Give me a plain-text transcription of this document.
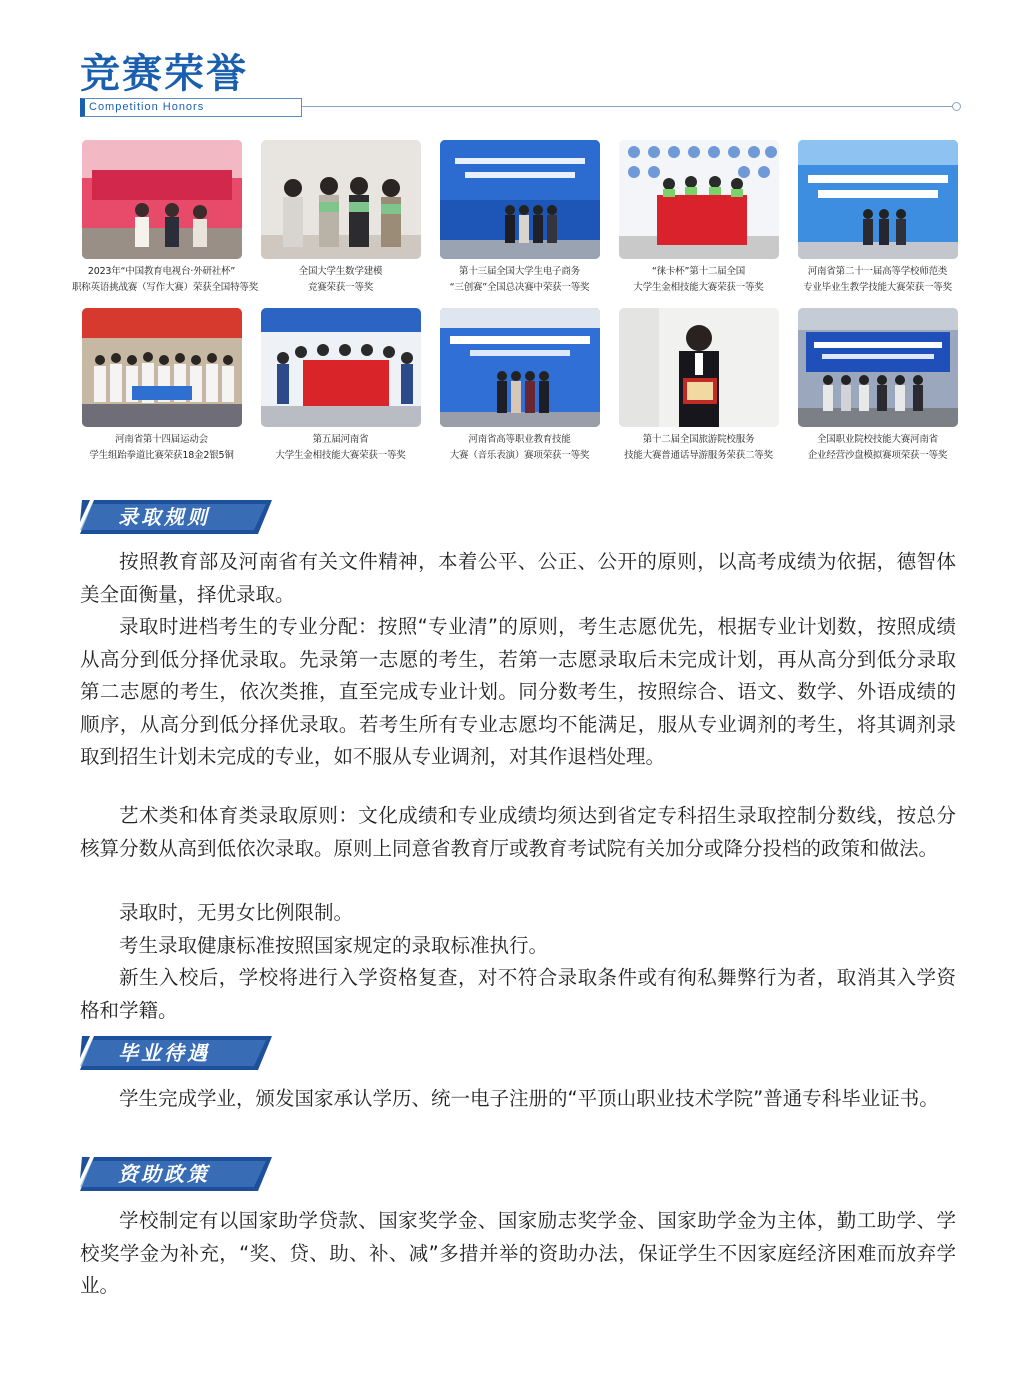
竞赛荣誉
Competition Honors
2023年“中国教育电视台·外研社杯”
职称英语挑战赛（写作大赛）荣获全国特等奖
全国大学生数学建模
竞赛荣获一等奖
第十三届全国大学生电子商务
“三创赛”全国总决赛中荣获一等奖
“徕卡杯”第十二届全国
大学生金相技能大赛荣获一等奖
河南省第二十一届高等学校师范类
专业毕业生教学技能大赛荣获一等奖
河南省第十四届运动会
学生组跆拳道比赛荣获18金2银5铜
第五届河南省
大学生金相技能大赛荣获一等奖
河南省高等职业教育技能
大赛（音乐表演）赛项荣获一等奖
第十二届全国旅游院校服务
技能大赛普通话导游服务荣获二等奖
全国职业院校技能大赛河南省
企业经营沙盘模拟赛项荣获一等奖
录取规则
按照教育部及河南省有关文件精神，本着公平、公正、公开的原则，以高考成绩为依据，德智体美全面衡量，择优录取。
录取时进档考生的专业分配：按照“专业清”的原则，考生志愿优先，根据专业计划数，按照成绩从高分到低分择优录取。先录第一志愿的考生，若第一志愿录取后未完成计划，再从高分到低分录取第二志愿的考生，依次类推，直至完成专业计划。同分数考生，按照综合、语文、数学、外语成绩的顺序，从高分到低分择优录取。若考生所有专业志愿均不能满足，服从专业调剂的考生，将其调剂录取到招生计划未完成的专业，如不服从专业调剂，对其作退档处理。
艺术类和体育类录取原则：文化成绩和专业成绩均须达到省定专科招生录取控制分数线，按总分核算分数从高到低依次录取。原则上同意省教育厅或教育考试院有关加分或降分投档的政策和做法。
录取时，无男女比例限制。
考生录取健康标准按照国家规定的录取标准执行。
新生入校后，学校将进行入学资格复查，对不符合录取条件或有徇私舞弊行为者，取消其入学资格和学籍。
毕业待遇
学生完成学业，颁发国家承认学历、统一电子注册的“平顶山职业技术学院”普通专科毕业证书。
资助政策
学校制定有以国家助学贷款、国家奖学金、国家励志奖学金、国家助学金为主体，勤工助学、学校奖学金为补充，“奖、贷、助、补、减”多措并举的资助办法，保证学生不因家庭经济困难而放弃学业。
